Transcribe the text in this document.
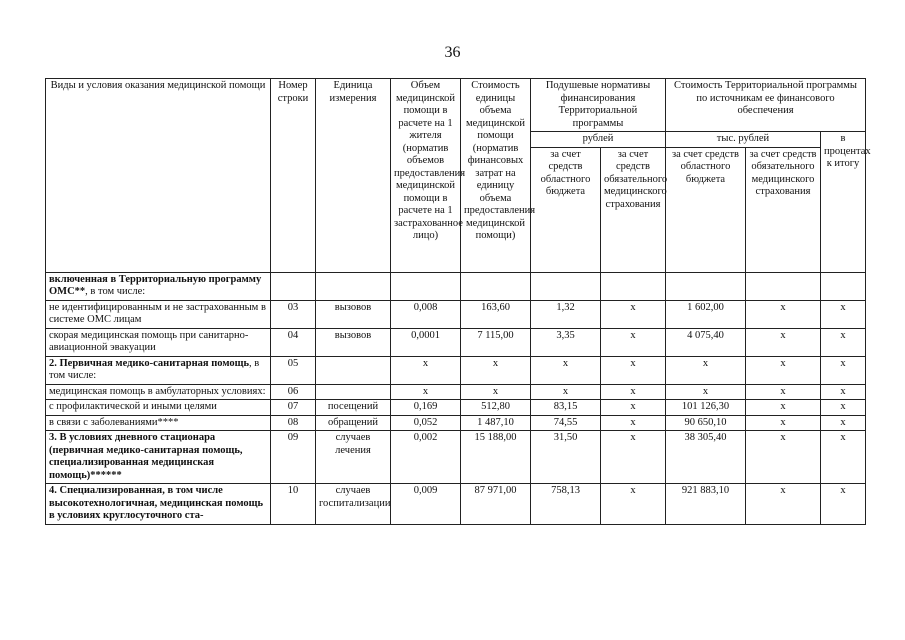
36
Виды и условия оказания медицинской помощи	Номер строки	Единица измерения	Объем медицинской помощи в расчете на 1 жителя (норматив объемов предоставления медицинской помощи в расчете на 1 застрахованное лицо)	Стоимость единицы объема медицинской помощи (норматив финансовых затрат на единицу объема предоставления медицинской помощи)	Подушевые нормативы финансирования Территориальной программы		Стоимость Территориальной программы по источникам ее финансового обеспечения		
					рублей		тыс. рублей		в процентах к итогу
					за счет средств областного бюджета	за счет средств обязательного медицинского страхования	за счет средств областного бюджета	за счет средств обязательного медицинского страхования	
включенная в Территориальную программу ОМС**, в том числе:									
не идентифицированным и не застрахованным в системе ОМС лицам	03	вызовов	0,008	163,60	1,32	х	1 602,00	х	х
скорая медицинская помощь при санитарно-авиационной эвакуации	04	вызовов	0,0001	7 115,00	3,35	х	4 075,40	х	х
2. Первичная медико-санитарная помощь, в том числе:	05		х	х	х	х	х	х	х
медицинская помощь в амбулаторных условиях:	06		х	х	х	х	х	х	х
с профилактической и иными целями	07	посещений	0,169	512,80	83,15	х	101 126,30	х	х
в связи с заболеваниями****	08	обращений	0,052	1 487,10	74,55	х	90 650,10	х	х
3. В условиях дневного стационара (первичная медико-санитарная помощь, специализированная медицинская помощь)******	09	случаев лечения	0,002	15 188,00	31,50	х	38 305,40	х	х
4. Специализированная, в том числе высокотехнологичная, медицинская помощь в условиях круглосуточного ста-	10	случаев госпитализации	0,009	87 971,00	758,13	х	921 883,10	х	х
